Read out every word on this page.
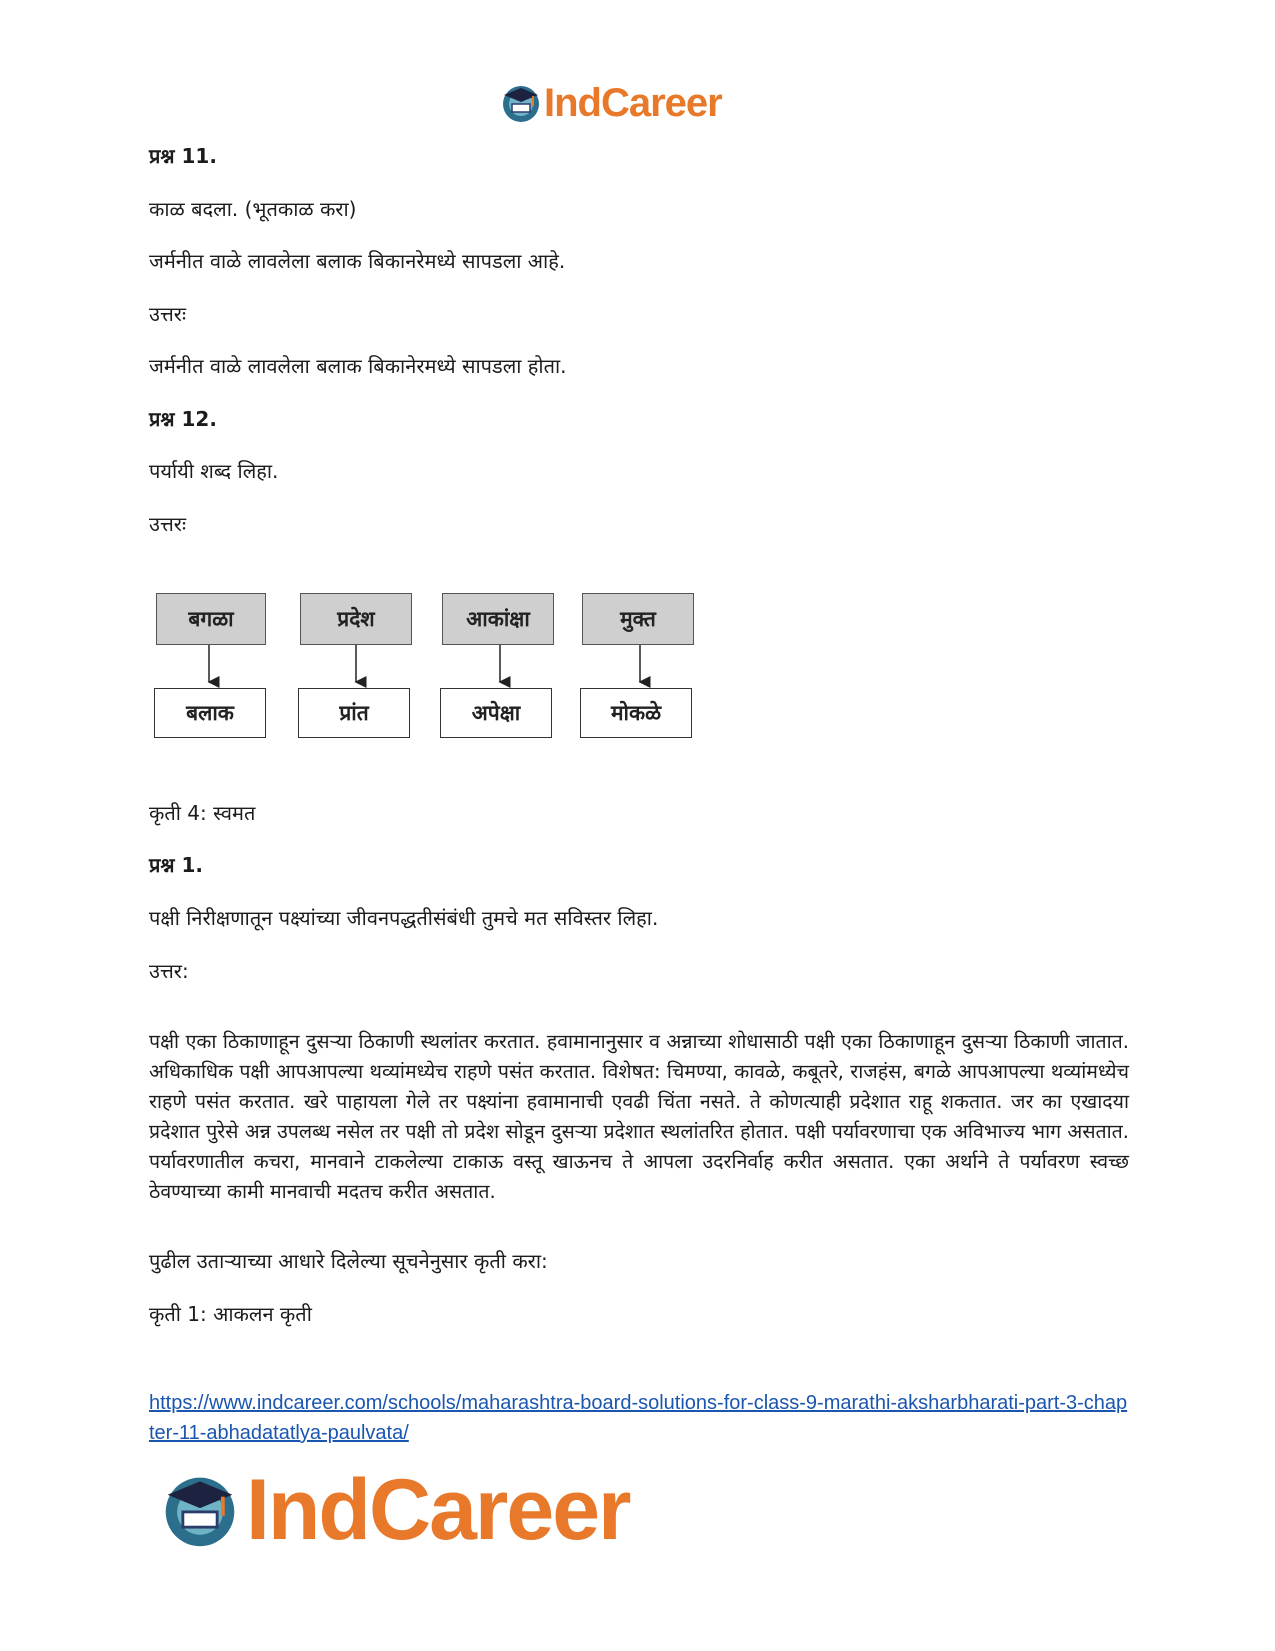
IndCareer

प्रश्न 11.

काळ बदला. (भूतकाळ करा)

जर्मनीत वाळे लावलेला बलाक बिकानरेमध्ये सापडला आहे.

उत्तरः

जर्मनीत वाळे लावलेला बलाक बिकानेरमध्ये सापडला होता.

प्रश्न 12.

पर्यायी शब्द लिहा.

उत्तरः

बगळा	प्रदेश	आकांक्षा	मुक्त
बलाक	प्रांत	अपेक्षा	मोकळे

कृती 4: स्वमत

प्रश्न 1.

पक्षी निरीक्षणातून पक्ष्यांच्या जीवनपद्धतीसंबंधी तुमचे मत सविस्तर लिहा.

उत्तर:

पक्षी एका ठिकाणाहून दुसऱ्या ठिकाणी स्थलांतर करतात. हवामानानुसार व अन्नाच्या शोधासाठी पक्षी एका ठिकाणाहून दुसऱ्या ठिकाणी जातात. अधिकाधिक पक्षी आपआपल्या थव्यांमध्येच राहणे पसंत करतात. विशेषत: चिमण्या, कावळे, कबूतरे, राजहंस, बगळे आपआपल्या थव्यांमध्येच राहणे पसंत करतात. खरे पाहायला गेले तर पक्ष्यांना हवामानाची एवढी चिंता नसते. ते कोणत्याही प्रदेशात राहू शकतात. जर का एखादया प्रदेशात पुरेसे अन्न उपलब्ध नसेल तर पक्षी तो प्रदेश सोडून दुसऱ्या प्रदेशात स्थलांतरित होतात. पक्षी पर्यावरणाचा एक अविभाज्य भाग असतात. पर्यावरणातील कचरा, मानवाने टाकलेल्या टाकाऊ वस्तू खाऊनच ते आपला उदरनिर्वाह करीत असतात. एका अर्थाने ते पर्यावरण स्वच्छ ठेवण्याच्या कामी मानवाची मदतच करीत असतात.

पुढील उताऱ्याच्या आधारे दिलेल्या सूचनेनुसार कृती करा:

कृती 1: आकलन कृती

https://www.indcareer.com/schools/maharashtra-board-solutions-for-class-9-marathi-aksharbharati-part-3-chapter-11-abhadatatlya-paulvata/
IndCareer
